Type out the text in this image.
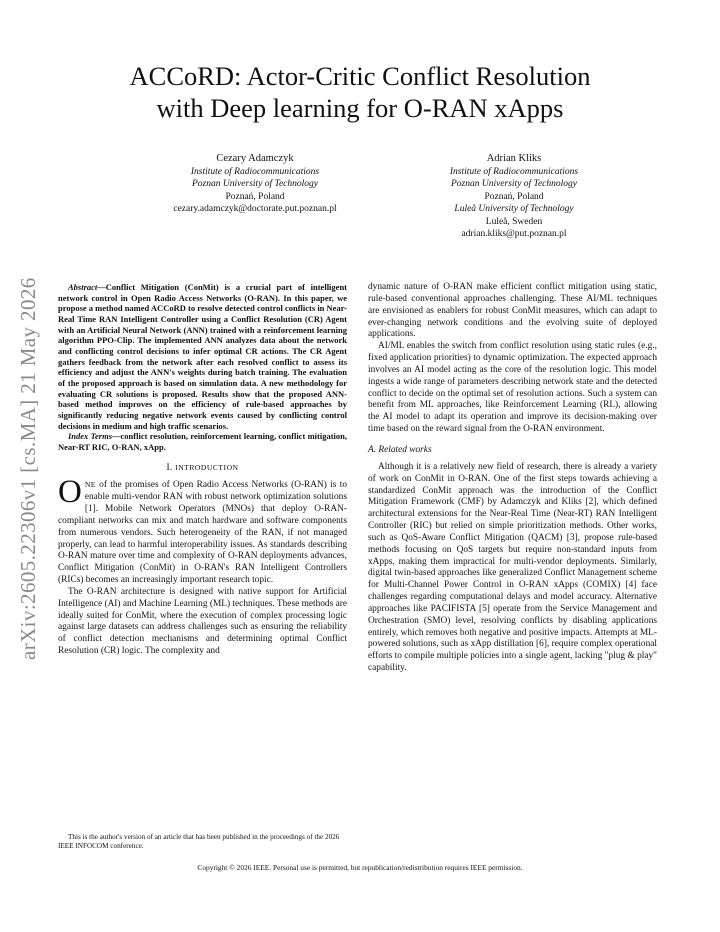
arXiv:2605.22306v1 [cs.MA] 21 May 2026
ACCoRD: Actor-Critic Conflict Resolution
with Deep learning for O-RAN xApps
Cezary Adamczyk
Institute of Radiocommunications
Poznan University of Technology
Poznań, Poland
cezary.adamczyk@doctorate.put.poznan.pl
Adrian Kliks
Institute of Radiocommunications
Poznan University of Technology
Poznań, Poland
Luleå University of Technology
Luleå, Sweden
adrian.kliks@put.poznan.pl

Abstract—Conflict Mitigation (ConMit) is a crucial part of intelligent network control in Open Radio Access Networks (O-RAN). In this paper, we propose a method named ACCoRD to resolve detected control conflicts in Near-Real Time RAN Intelligent Controller using a Conflict Resolution (CR) Agent with an Artificial Neural Network (ANN) trained with a reinforcement learning algorithm PPO-Clip. The implemented ANN analyzes data about the network and conflicting control decisions to infer optimal CR actions. The CR Agent gathers feedback from the network after each resolved conflict to assess its efficiency and adjust the ANN's weights during batch training. The evaluation of the proposed approach is based on simulation data. A new methodology for evaluating CR solutions is proposed. Results show that the proposed ANN-based method improves on the efficiency of rule-based approaches by significantly reducing negative network events caused by conflicting control decisions in medium and high traffic scenarios.

Index Terms—conflict resolution, reinforcement learning, conflict mitigation, Near-RT RIC, O-RAN, xApp.

I. INTRODUCTION

ONE of the promises of Open Radio Access Networks (O-RAN) is to enable multi-vendor RAN with robust network optimization solutions [1]. Mobile Network Operators (MNOs) that deploy O-RAN-compliant networks can mix and match hardware and software components from numerous vendors. Such heterogeneity of the RAN, if not managed properly, can lead to harmful interoperability issues. As standards describing O-RAN mature over time and complexity of O-RAN deployments advances, Conflict Mitigation (ConMit) in O-RAN's RAN Intelligent Controllers (RICs) becomes an increasingly important research topic.

The O-RAN architecture is designed with native support for Artificial Intelligence (AI) and Machine Learning (ML) techniques. These methods are ideally suited for ConMit, where the execution of complex processing logic against large datasets can address challenges such as ensuring the reliability of conflict detection mechanisms and determining optimal Conflict Resolution (CR) logic. The complexity and

dynamic nature of O-RAN make efficient conflict mitigation using static, rule-based conventional approaches challenging. These AI/ML techniques are envisioned as enablers for robust ConMit measures, which can adapt to ever-changing network conditions and the evolving suite of deployed applications.

AI/ML enables the switch from conflict resolution using static rules (e.g., fixed application priorities) to dynamic optimization. The expected approach involves an AI model acting as the core of the resolution logic. This model ingests a wide range of parameters describing network state and the detected conflict to decide on the optimal set of resolution actions. Such a system can benefit from ML approaches, like Reinforcement Learning (RL), allowing the AI model to adapt its operation and improve its decision-making over time based on the reward signal from the O-RAN environment.

A. Related works

Although it is a relatively new field of research, there is already a variety of work on ConMit in O-RAN. One of the first steps towards achieving a standardized ConMit approach was the introduction of the Conflict Mitigation Framework (CMF) by Adamczyk and Kliks [2], which defined architectural extensions for the Near-Real Time (Near-RT) RAN Intelligent Controller (RIC) but relied on simple prioritization methods. Other works, such as QoS-Aware Conflict Mitigation (QACM) [3], propose rule-based methods focusing on QoS targets but require non-standard inputs from xApps, making them impractical for multi-vendor deployments. Similarly, digital twin-based approaches like generalized Conflict Management scheme for Multi-Channel Power Control in O-RAN xApps (COMIX) [4] face challenges regarding computational delays and model accuracy. Alternative approaches like PACIFISTA [5] operate from the Service Management and Orchestration (SMO) level, resolving conflicts by disabling applications entirely, which removes both negative and positive impacts. Attempts at ML-powered solutions, such as xApp distillation [6], require complex operational efforts to compile multiple policies into a single agent, lacking "plug & play" capability.

This is the author's version of an article that has been published in the proceedings of the 2026 IEEE INFOCOM conference.
Copyright © 2026 IEEE. Personal use is permitted, but republication/redistribution requires IEEE permission.
